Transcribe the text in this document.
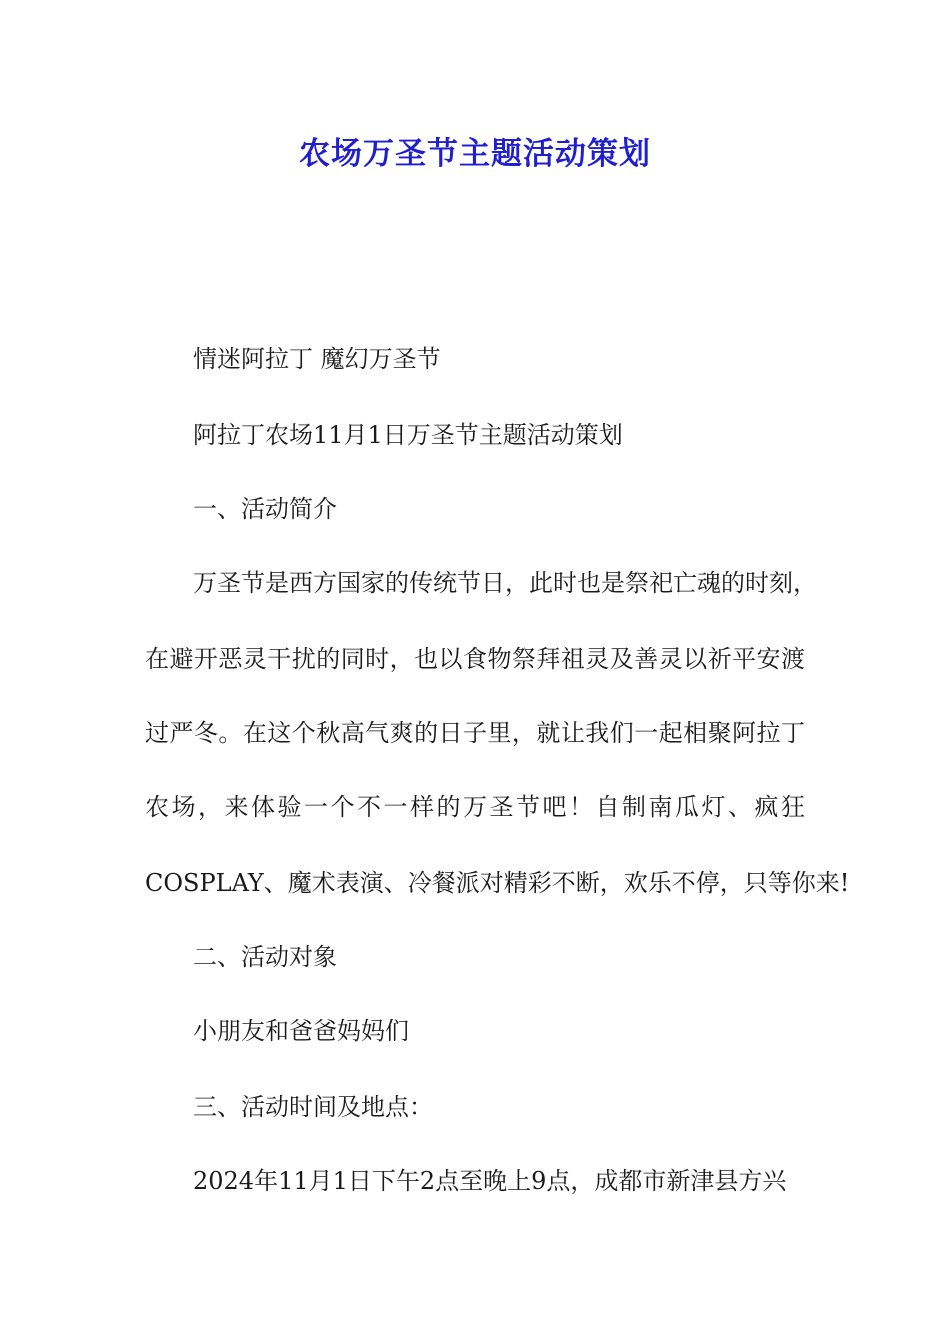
农场万圣节主题活动策划
情迷阿拉丁 魔幻万圣节
阿拉丁农场11月1日万圣节主题活动策划
一、活动简介
万圣节是西方国家的传统节日，此时也是祭祀亡魂的时刻，
在避开恶灵干扰的同时，也以食物祭拜祖灵及善灵以祈平安渡
过严冬。在这个秋高气爽的日子里，就让我们一起相聚阿拉丁
农场，来体验一个不一样的万圣节吧！自制南瓜灯、疯狂
COSPLAY、魔术表演、冷餐派对精彩不断，欢乐不停，只等你来!
二、活动对象
小朋友和爸爸妈妈们
三、活动时间及地点：
2024年11月1日下午2点至晚上9点，成都市新津县方兴
